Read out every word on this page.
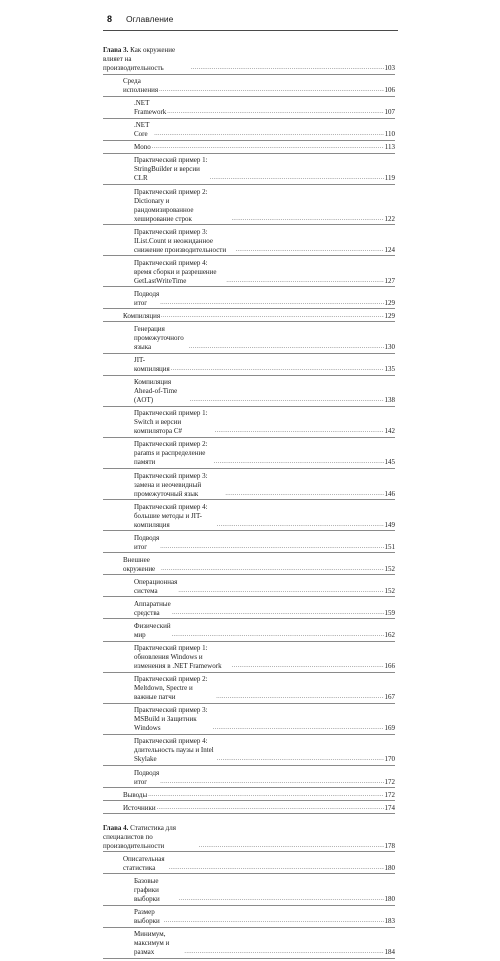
8 Оглавление
Глава 3. Как окружение влияет на производительность .....	103
Среда исполнения .....	106
.NET Framework .....	107
.NET Core .....	110
Mono .....	113
Практический пример 1: StringBuilder и версии CLR .....	119
Практический пример 2: Dictionary и рандомизированное хеширование строк .....	122
Практический пример 3: IList.Count и неожиданное снижение производительности .....	124
Практический пример 4: время сборки и разрешение GetLastWriteTime .....	127
Подводя итог .....	129
Компиляция .....	129
Генерация промежуточного языка .....	130
JIT-компиляция .....	135
Компиляция Ahead-of-Time (AOT) .....	138
Практический пример 1: Switch и версии компилятора C# .....	142
Практический пример 2: params и распределение памяти .....	145
Практический пример 3: замена и неочевидный промежуточный язык .....	146
Практический пример 4: большие методы и JIT-компиляция .....	149
Подводя итог .....	151
Внешнее окружение .....	152
Операционная система .....	152
Аппаратные средства .....	159
Физический мир .....	162
Практический пример 1: обновления Windows и изменения в .NET Framework .....	166
Практический пример 2: Meltdown, Spectre и важные патчи .....	167
Практический пример 3: MSBuild и Защитник Windows .....	169
Практический пример 4: длительность паузы и Intel Skylake .....	170
Подводя итог .....	172
Выводы .....	172
Источники .....	174
Глава 4. Статистика для специалистов по производительности .....	178
Описательная статистика .....	180
Базовые графики выборки .....	180
Размер выборки .....	183
Минимум, максимум и размах .....	184
